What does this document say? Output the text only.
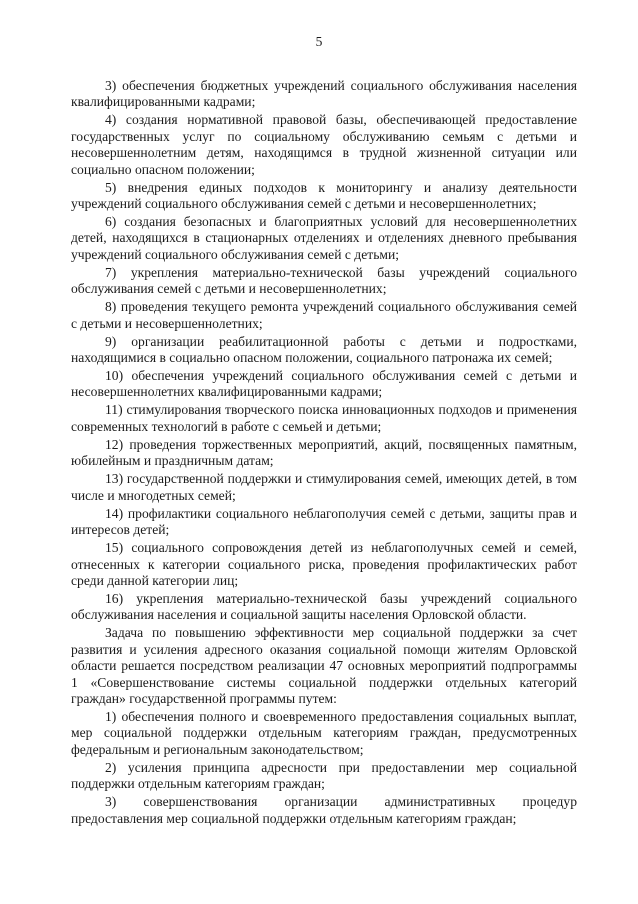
5

3) обеспечения бюджетных учреждений социального обслуживания населения квалифицированными кадрами;

4) создания нормативной правовой базы, обеспечивающей предоставление государственных услуг по социальному обслуживанию семьям с детьми и несовершеннолетним детям, находящимся в трудной жизненной ситуации или социально опасном положении;

5) внедрения единых подходов к мониторингу и анализу деятельности учреждений социального обслуживания семей с детьми и несовершеннолетних;

6) создания безопасных и благоприятных условий для несовершеннолетних детей, находящихся в стационарных отделениях и отделениях дневного пребывания учреждений социального обслуживания семей с детьми;

7) укрепления материально-технической базы учреждений социального обслуживания семей с детьми и несовершеннолетних;

8) проведения текущего ремонта учреждений социального обслуживания семей с детьми и несовершеннолетних;

9) организации реабилитационной работы с детьми и подростками, находящимися в социально опасном положении, социального патронажа их семей;

10) обеспечения учреждений социального обслуживания семей с детьми и несовершеннолетних квалифицированными кадрами;

11) стимулирования творческого поиска инновационных подходов и применения современных технологий в работе с семьей и детьми;

12) проведения торжественных мероприятий, акций, посвященных памятным, юбилейным и праздничным датам;

13) государственной поддержки и стимулирования семей, имеющих детей, в том числе и многодетных семей;

14) профилактики социального неблагополучия семей с детьми, защиты прав и интересов детей;

15) социального сопровождения детей из неблагополучных семей и семей, отнесенных к категории социального риска, проведения профилактических работ среди данной категории лиц;

16) укрепления материально-технической базы учреждений социального обслуживания населения и социальной защиты населения Орловской области.

Задача по повышению эффективности мер социальной поддержки за счет развития и усиления адресного оказания социальной помощи жителям Орловской области решается посредством реализации 47 основных мероприятий подпрограммы 1 «Совершенствование системы социальной поддержки отдельных категорий граждан» государственной программы путем:

1) обеспечения полного и своевременного предоставления социальных выплат, мер социальной поддержки отдельным категориям граждан, предусмотренных федеральным и региональным законодательством;

2) усиления принципа адресности при предоставлении мер социальной поддержки отдельным категориям граждан;

3) совершенствования организации административных процедур предоставления мер социальной поддержки отдельным категориям граждан;
